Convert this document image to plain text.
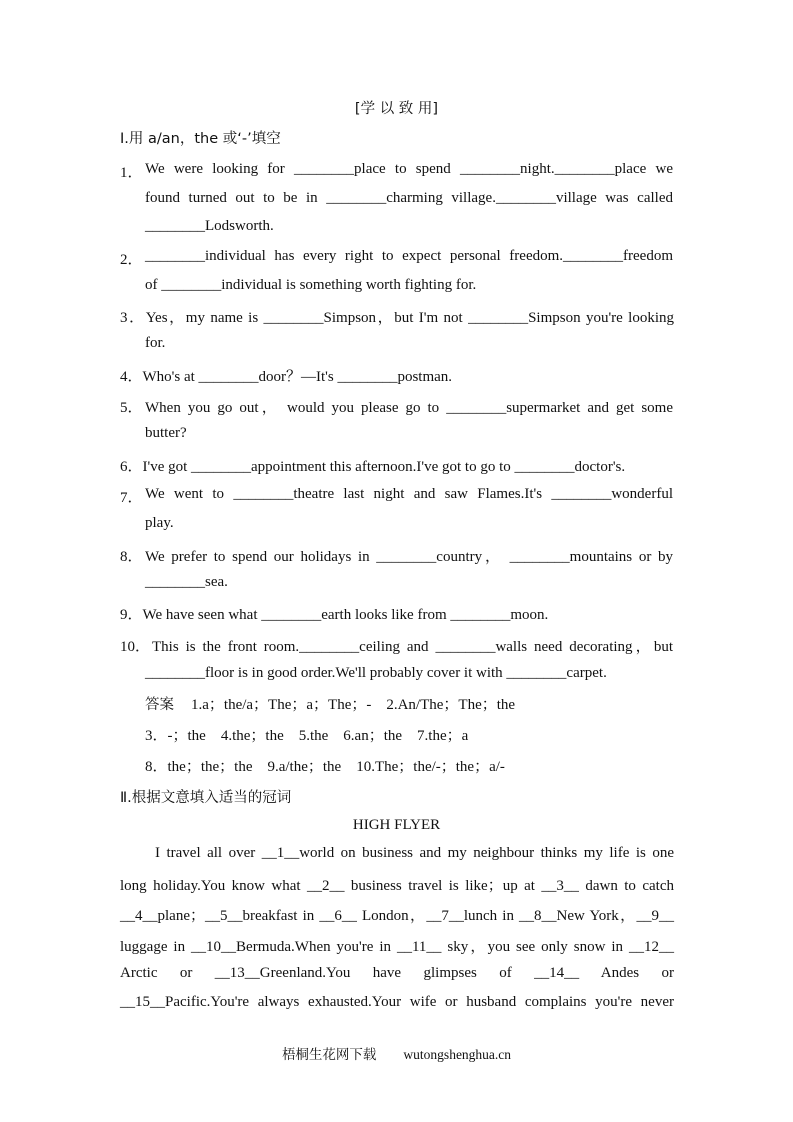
[学 以 致 用]
Ⅰ.用 a/an，the 或‘-’填空
1． We were looking for ________place to spend ________night.________place we
found turned out to be in ________charming village.________village was called
________Lodsworth.
2． ________individual has every right to expect personal freedom.________freedom
of ________individual is something worth fighting for.
3．Yes，my name is ________Simpson，but I'm not ________Simpson you're looking
for.
4．Who's at ________door？—It's ________postman.
5． When you go out， would you please go to ________supermarket and get some
butter?
6．I've got ________appointment this afternoon.I've got to go to ________doctor's.
7． We went to ________theatre last night and saw Flames.It's ________wonderful
play.
8． We prefer to spend our holidays in ________country， ________mountains or by
________sea.
9．We have seen what ________earth looks like from ________moon.
10． This is the front room.________ceiling and ________walls need decorating，but
________floor is in good order.We'll probably cover it with ________carpet.
答案 1.a；the/a；The；a；The；-　2.An/The；The；the
3．-；the　4.the；the　5.the　6.an；the　7.the；a
8．the；the；the　9.a/the；the　10.The；the/-；the；a/-
Ⅱ.根据文意填入适当的冠词
HIGH FLYER
I travel all over __1__world on business and my neighbour thinks my life is one
long holiday.You know what __2__ business travel is like；up at __3__ dawn to catch
__4__plane；__5__breakfast in __6__ London，__7__lunch in __8__New York，__9__
luggage in __10__Bermuda.When you're in __11__ sky，you see only snow in __12__
Arctic or __13__Greenland.You have glimpses of __14__ Andes or
__15__Pacific.You're always exhausted.Your wife or husband complains you're never
梧桐生花网下载　　wutongshenghua.cn
